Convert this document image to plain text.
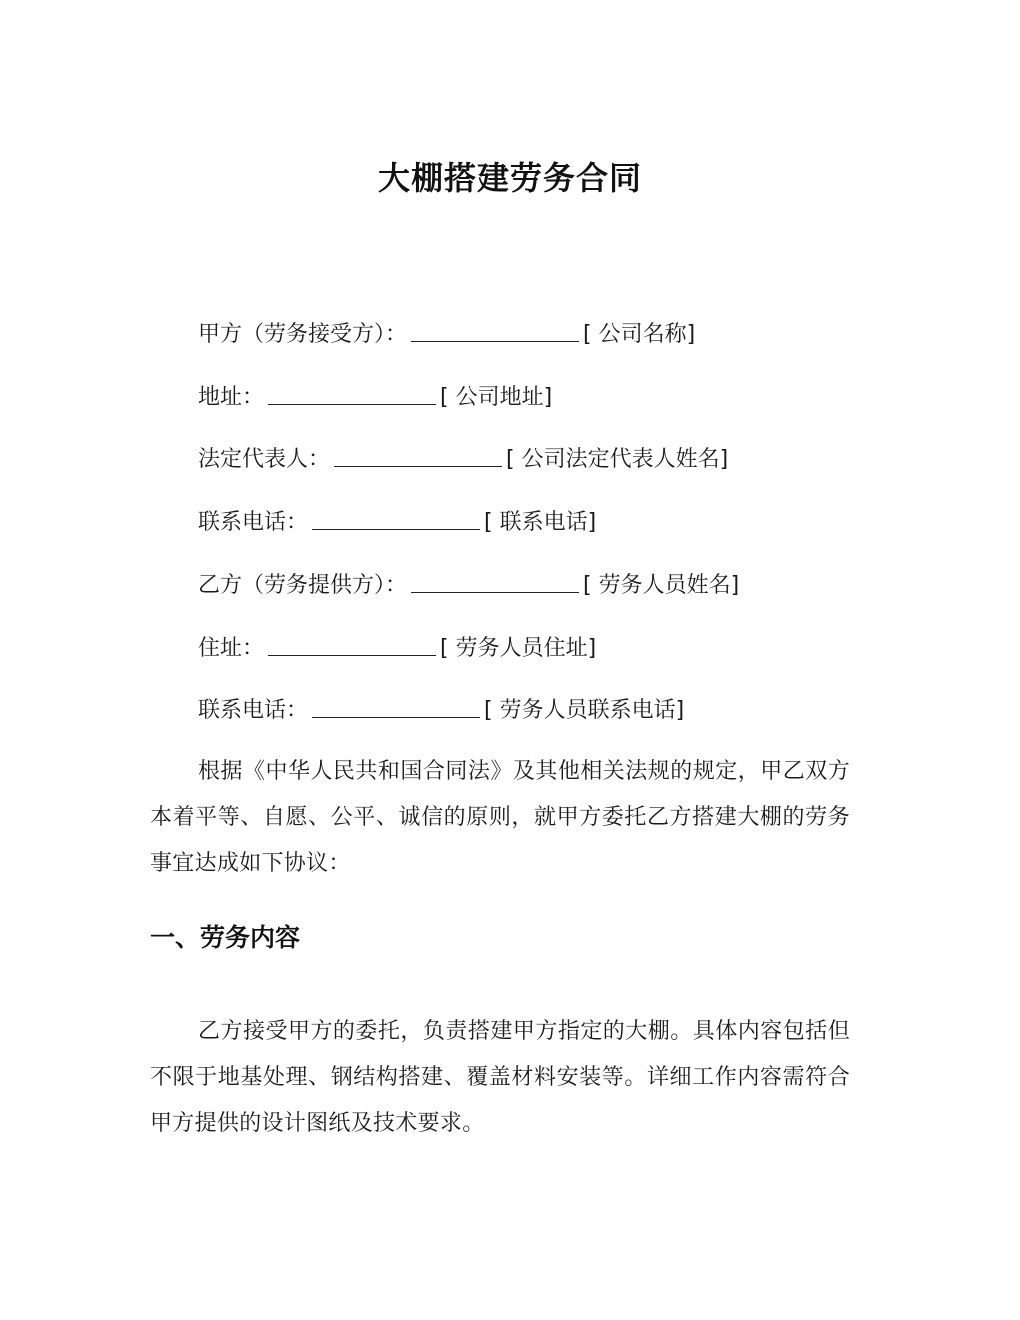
大棚搭建劳务合同
甲方（劳务接受方）：	[ 公司名称]
地址：	[ 公司地址]
法定代表人：	[ 公司法定代表人姓名]
联系电话：	[ 联系电话]
乙方（劳务提供方）：	[ 劳务人员姓名]
住址：	[ 劳务人员住址]
联系电话：	[ 劳务人员联系电话]
根据《中华人民共和国合同法》及其他相关法规的规定，甲乙双方本着平等、自愿、公平、诚信的原则，就甲方委托乙方搭建大棚的劳务事宜达成如下协议：
一、劳务内容
乙方接受甲方的委托，负责搭建甲方指定的大棚。具体内容包括但不限于地基处理、钢结构搭建、覆盖材料安装等。详细工作内容需符合甲方提供的设计图纸及技术要求。
